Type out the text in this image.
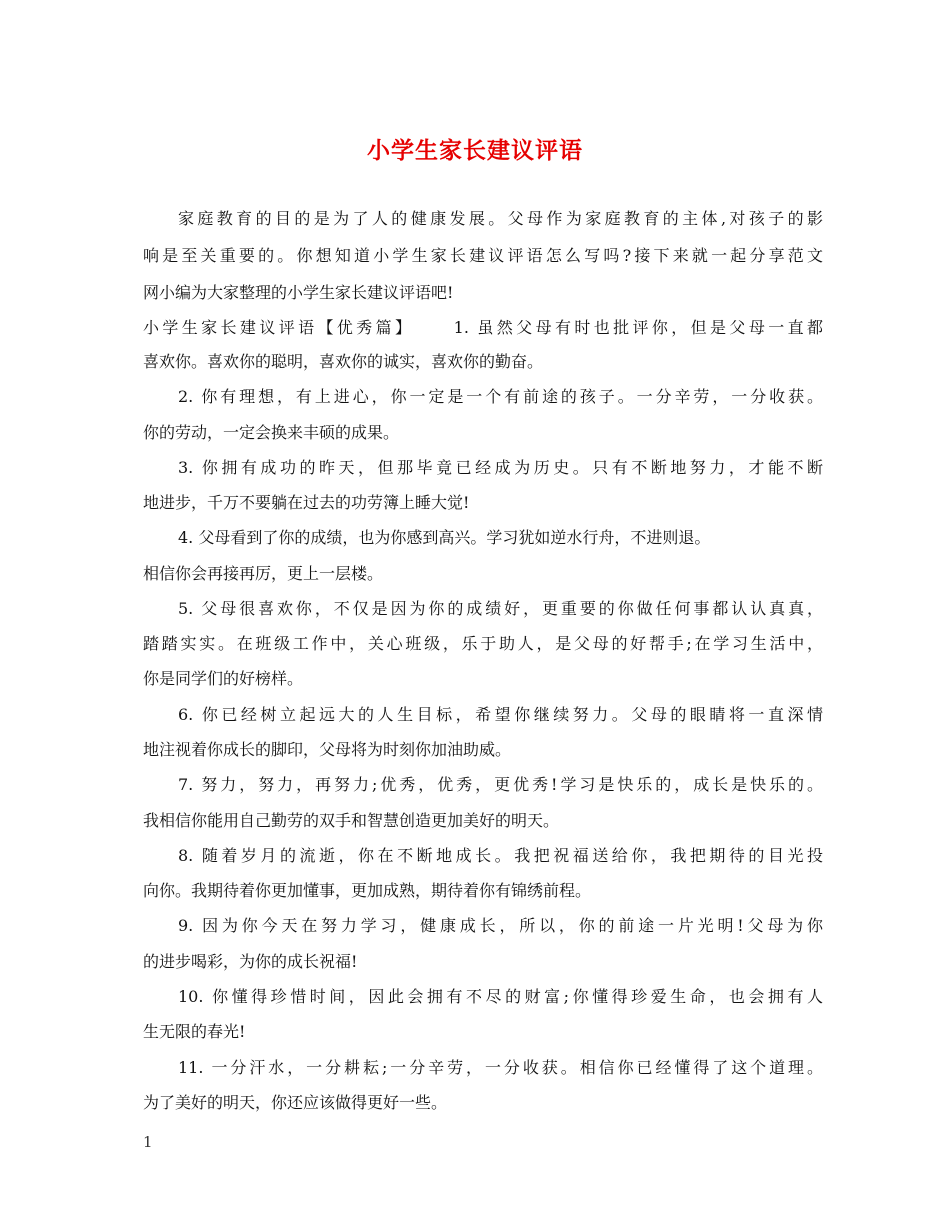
小学生家长建议评语
家庭教育的目的是为了人的健康发展。父母作为家庭教育的主体,对孩子的影
响是至关重要的。你想知道小学生家长建议评语怎么写吗?接下来就一起分享范文
网小编为大家整理的小学生家长建议评语吧!
小学生家长建议评语【优秀篇】　　 1. 虽然父母有时也批评你，但是父母一直都
喜欢你。喜欢你的聪明，喜欢你的诚实，喜欢你的勤奋。
2. 你有理想，有上进心，你一定是一个有前途的孩子。一分辛劳，一分收获。
你的劳动，一定会换来丰硕的成果。
3. 你拥有成功的昨天，但那毕竟已经成为历史。只有不断地努力，才能不断
地进步，千万不要躺在过去的功劳簿上睡大觉!
4. 父母看到了你的成绩，也为你感到高兴。学习犹如逆水行舟，不进则退。
相信你会再接再厉，更上一层楼。
5. 父母很喜欢你，不仅是因为你的成绩好，更重要的你做任何事都认认真真，
踏踏实实。在班级工作中，关心班级，乐于助人，是父母的好帮手;在学习生活中，
你是同学们的好榜样。
6. 你已经树立起远大的人生目标，希望你继续努力。父母的眼睛将一直深情
地注视着你成长的脚印，父母将为时刻你加油助威。
7. 努力，努力，再努力;优秀，优秀，更优秀!学习是快乐的，成长是快乐的。
我相信你能用自己勤劳的双手和智慧创造更加美好的明天。
8. 随着岁月的流逝，你在不断地成长。我把祝福送给你，我把期待的目光投
向你。我期待着你更加懂事，更加成熟，期待着你有锦绣前程。
9. 因为你今天在努力学习，健康成长，所以，你的前途一片光明!父母为你
的进步喝彩，为你的成长祝福!
10. 你懂得珍惜时间，因此会拥有不尽的财富;你懂得珍爱生命，也会拥有人
生无限的春光!
11. 一分汗水，一分耕耘;一分辛劳，一分收获。相信你已经懂得了这个道理。
为了美好的明天，你还应该做得更好一些。
1
